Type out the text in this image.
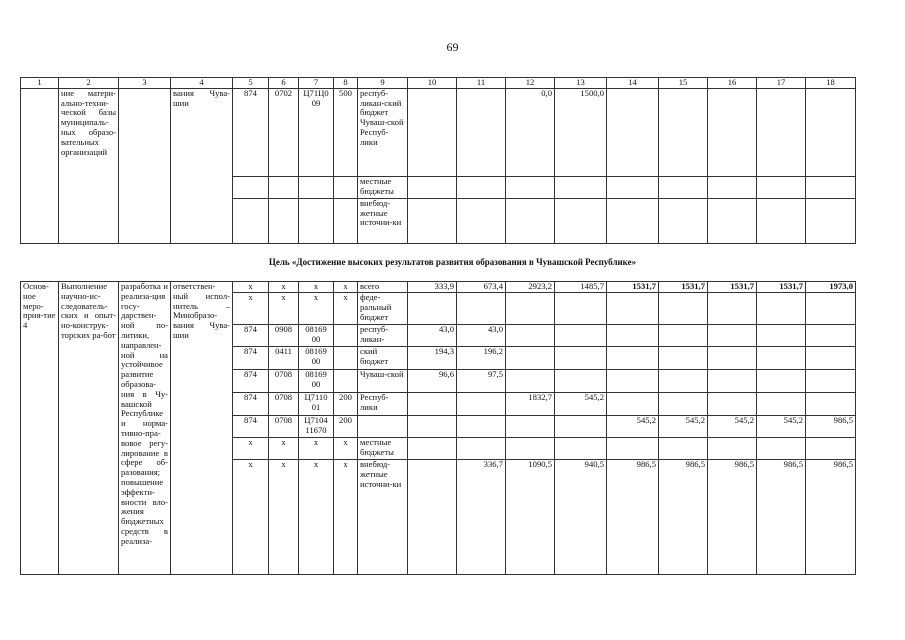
69
1	2	3	4	5	6	7	8	9	10	11	12	13	14	15	16	17	18
	ние матери-альнo-техни-ческой базы муниципаль-ных образо-вательных организаций		вания Чува-шии	874	0702	Ц71Ц0 09	500	респуб-ликан-ский бюджет Чуваш-ской Респуб-лики			0,0	1500,0					
								местные бюджеты									
								внебюд-жетные источни-ки									
Цель «Достижение высоких результатов развития образования в Чувашской Республике»
Основ-ное меро-прия-тие 4	Выполнение научно-ис-следователь-ских и опыт-но-конструк-торских ра-бот	разработка и реализа-ция госу-дарствен-ной по-литики, направлен-ной на устойчивое развитие образова-ния в Чу-вашской Республике и норма-тивно-пра-вовое регу-лирование в сфере об-разования; повышение эффекти-вности вло-жения бюджетных средств в реализа-	ответствен-ный испол-нитель – Минобразо-вания Чува-шии	x	x	x	x	всего	333,9	673,4	2923,2	1485,7	1531,7	1531,7	1531,7	1531,7	1973,0
				x	x	x	x	феде-ральный бюджет									
				874	0908	08169 00		респуб-ликан-	43,0	43,0							
				874	0411	08169 00		ский бюджет	194,3	196,2							
				874	0708	08169 00		Чуваш-ской	96,6	97,5							
				874	0708	Ц7110 01	200	Респуб-лики			1832,7	545,2					
				874	0708	Ц7104 11670	200						545,2	545,2	545,2	545,2	986,5
				x	x	x	x	местные бюджеты									
				x	x	x	x	внебюд-жетные источни-ки		336,7	1090,5	940,5	986,5	986,5	986,5	986,5	986,5
